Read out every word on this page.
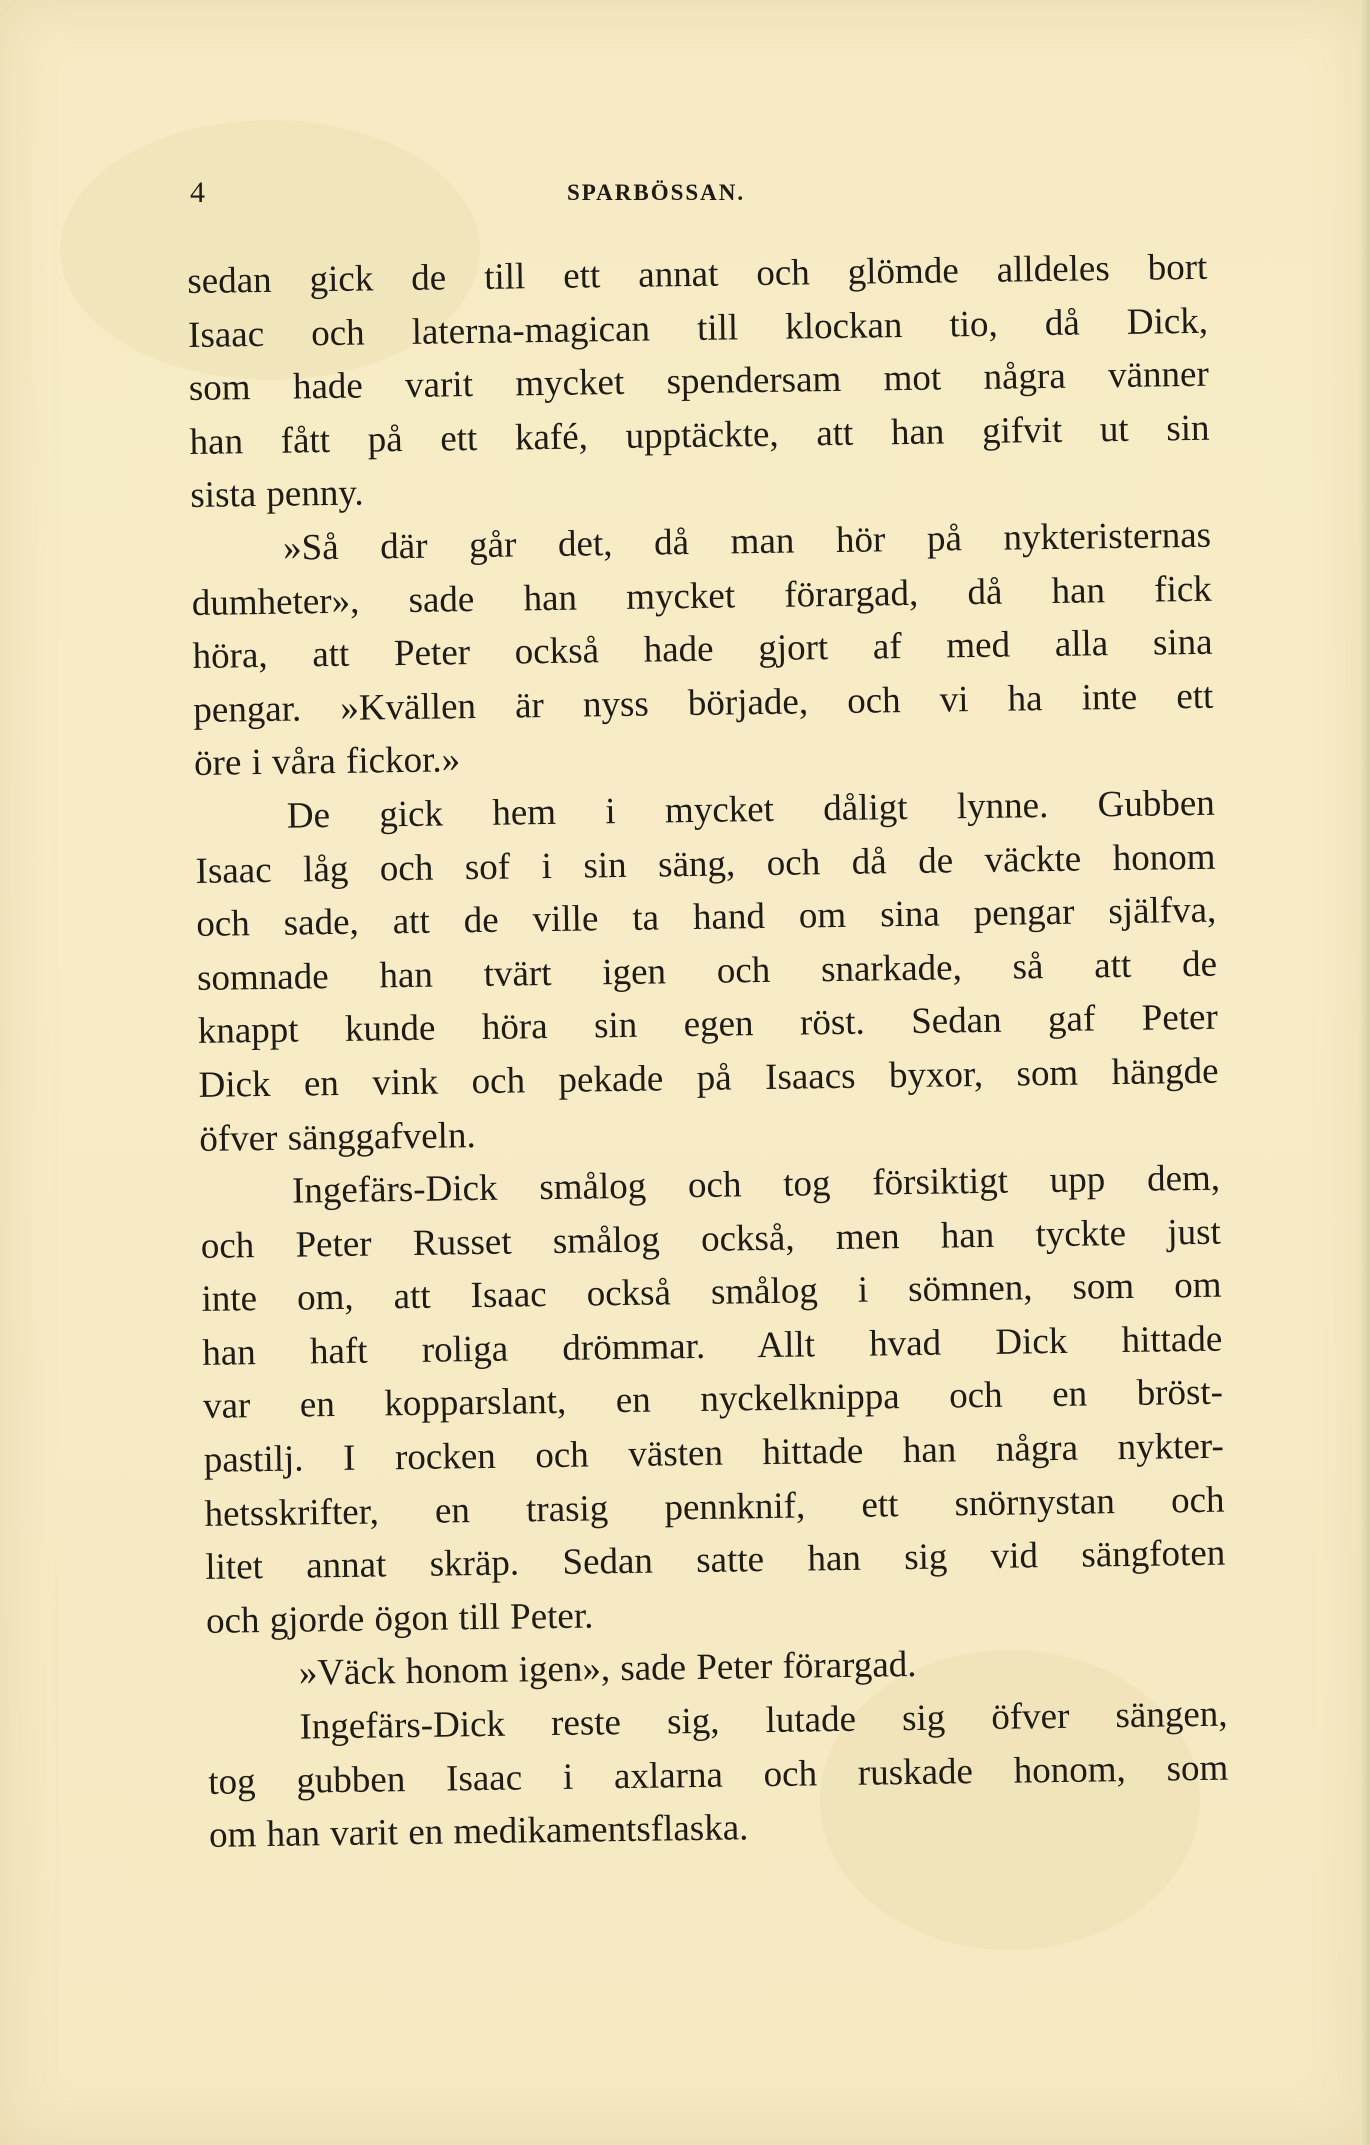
4	SPARBÖSSAN.
sedan gick de till ett annat och glömde alldeles bort
Isaac och laterna-magican till klockan tio, då Dick,
som hade varit mycket spendersam mot några vänner
han fått på ett kafé, upptäckte, att han gifvit ut sin
sista penny.
»Så där går det, då man hör på nykteristernas
dumheter», sade han mycket förargad, då han fick
höra, att Peter också hade gjort af med alla sina
pengar. »Kvällen är nyss började, och vi ha inte ett
öre i våra fickor.»
De gick hem i mycket dåligt lynne. Gubben
Isaac låg och sof i sin säng, och då de väckte honom
och sade, att de ville ta hand om sina pengar själfva,
somnade han tvärt igen och snarkade, så att de
knappt kunde höra sin egen röst. Sedan gaf Peter
Dick en vink och pekade på Isaacs byxor, som hängde
öfver sänggafveln.
Ingefärs-Dick smålog och tog försiktigt upp dem,
och Peter Russet smålog också, men han tyckte just
inte om, att Isaac också smålog i sömnen, som om
han haft roliga drömmar. Allt hvad Dick hittade
var en kopparslant, en nyckelknippa och en bröst-
pastilj. I rocken och västen hittade han några nykter-
hetsskrifter, en trasig pennknif, ett snörnystan och
litet annat skräp. Sedan satte han sig vid sängfoten
och gjorde ögon till Peter.
»Väck honom igen», sade Peter förargad.
Ingefärs-Dick reste sig, lutade sig öfver sängen,
tog gubben Isaac i axlarna och ruskade honom, som
om han varit en medikamentsflaska.
